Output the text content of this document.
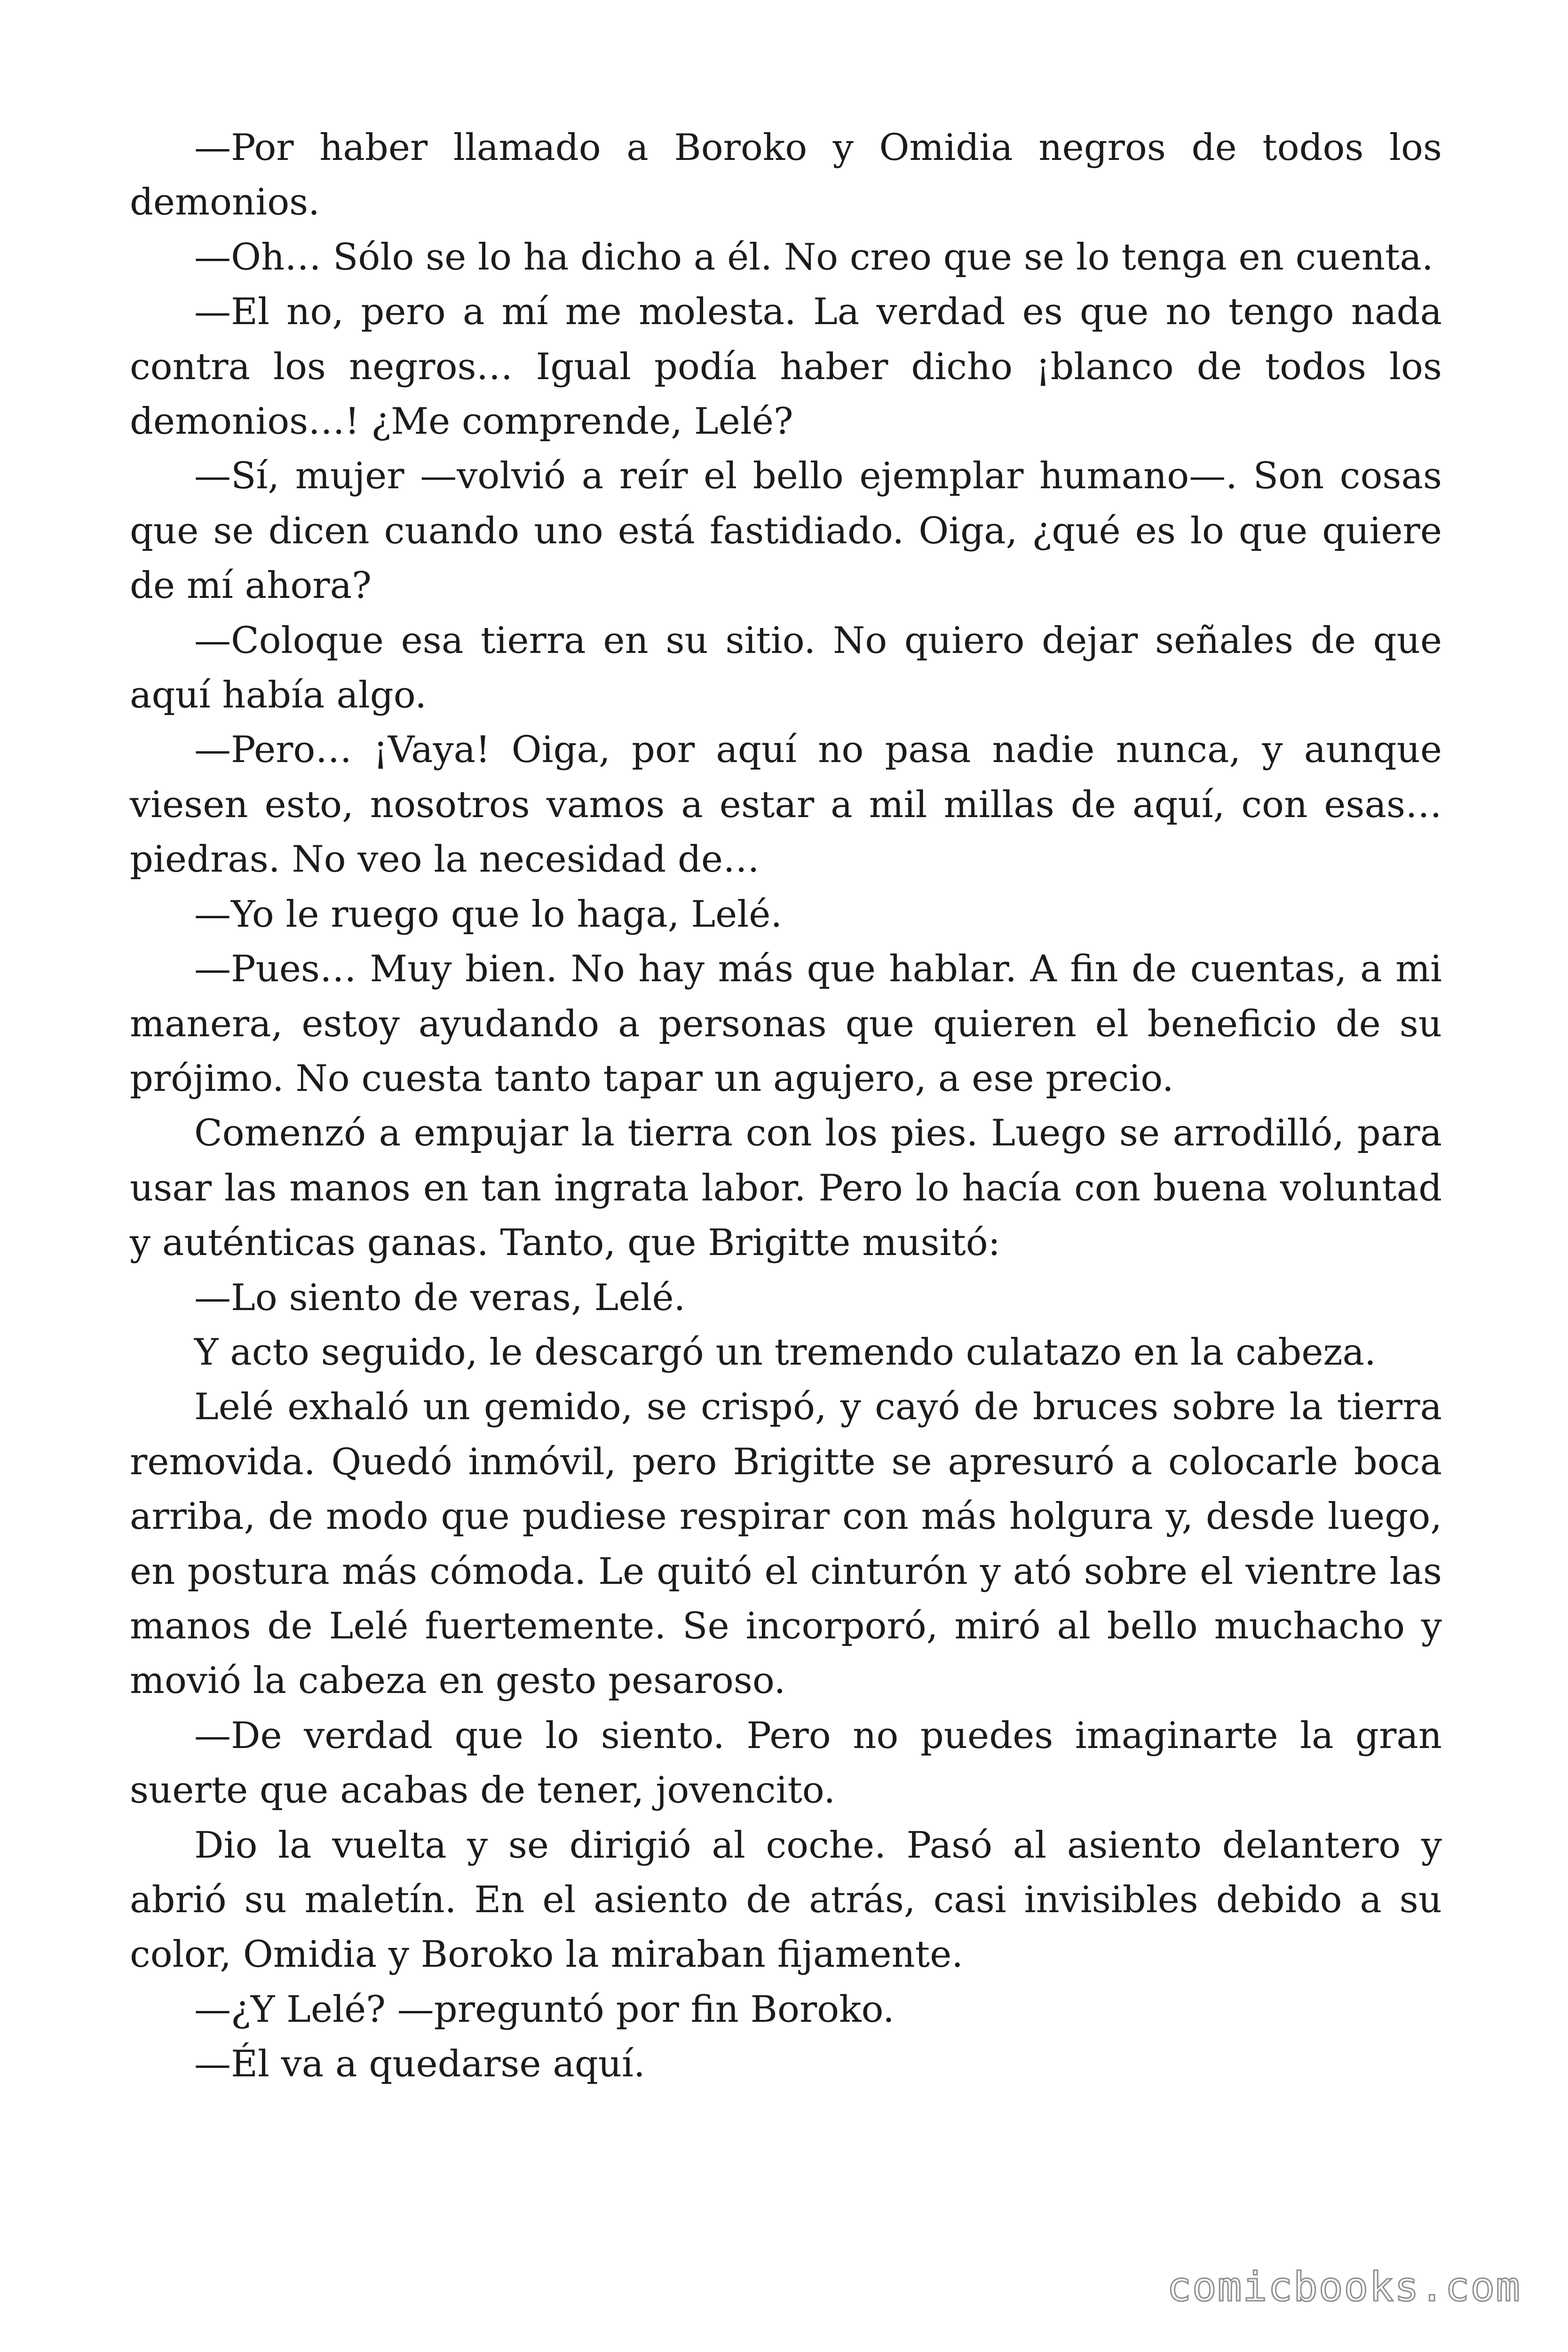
—Por haber llamado a Boroko y Omidia negros de todos los demonios.

—Oh… Sólo se lo ha dicho a él. No creo que se lo tenga en cuenta.

—El no, pero a mí me molesta. La verdad es que no tengo nada contra los negros… Igual podía haber dicho ¡blanco de todos los demonios…! ¿Me comprende, Lelé?

—Sí, mujer —volvió a reír el bello ejemplar humano—. Son cosas que se dicen cuando uno está fastidiado. Oiga, ¿qué es lo que quiere de mí ahora?

—Coloque esa tierra en su sitio. No quiero dejar señales de que aquí había algo.

—Pero… ¡Vaya! Oiga, por aquí no pasa nadie nunca, y aunque viesen esto, nosotros vamos a estar a mil millas de aquí, con esas… piedras. No veo la necesidad de…

—Yo le ruego que lo haga, Lelé.

—Pues… Muy bien. No hay más que hablar. A fin de cuentas, a mi manera, estoy ayudando a personas que quieren el beneficio de su prójimo. No cuesta tanto tapar un agujero, a ese precio.

Comenzó a empujar la tierra con los pies. Luego se arrodilló, para usar las manos en tan ingrata labor. Pero lo hacía con buena voluntad y auténticas ganas. Tanto, que Brigitte musitó:

—Lo siento de veras, Lelé.

Y acto seguido, le descargó un tremendo culatazo en la cabeza.

Lelé exhaló un gemido, se crispó, y cayó de bruces sobre la tierra removida. Quedó inmóvil, pero Brigitte se apresuró a colocarle boca arriba, de modo que pudiese respirar con más holgura y, desde luego, en postura más cómoda. Le quitó el cinturón y ató sobre el vientre las manos de Lelé fuertemente. Se incorporó, miró al bello muchacho y movió la cabeza en gesto pesaroso.

—De verdad que lo siento. Pero no puedes imaginarte la gran suerte que acabas de tener, jovencito.

Dio la vuelta y se dirigió al coche. Pasó al asiento delantero y abrió su maletín. En el asiento de atrás, casi invisibles debido a su color, Omidia y Boroko la miraban fijamente.

—¿Y Lelé? —preguntó por fin Boroko.

—Él va a quedarse aquí.

comicbooks.com
